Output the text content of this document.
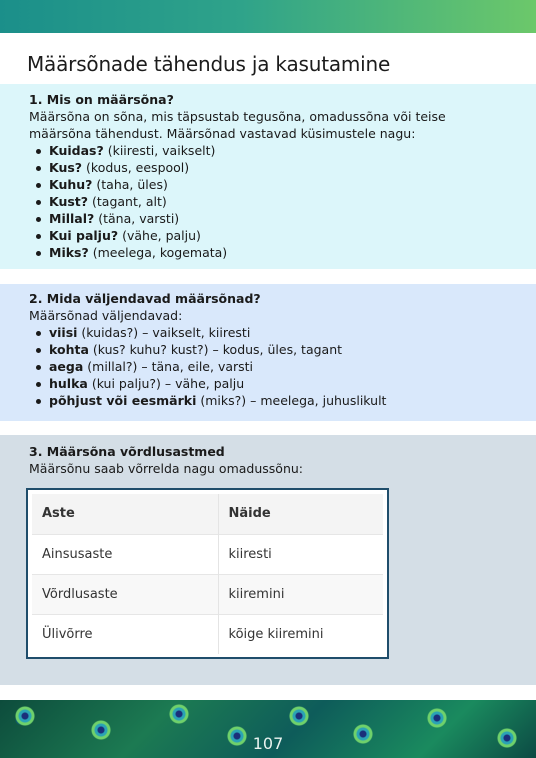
Määrsõnade tähendus ja kasutamine
1. Mis on määrsõna?
Määrsõna on sõna, mis täpsustab tegusõna, omadussõna või teise määrsõna tähendust. Määrsõnad vastavad küsimustele nagu:
Kuidas? (kiiresti, vaikselt)
Kus? (kodus, eespool)
Kuhu? (taha, üles)
Kust? (tagant, alt)
Millal? (täna, varsti)
Kui palju? (vähe, palju)
Miks? (meelega, kogemata)
2. Mida väljendavad määrsõnad?
Määrsõnad väljendavad:
viisi (kuidas?) – vaikselt, kiiresti
kohta (kus? kuhu? kust?) – kodus, üles, tagant
aega (millal?) – täna, eile, varsti
hulka (kui palju?) – vähe, palju
põhjust või eesmärki (miks?) – meelega, juhuslikult
3. Määrsõna võrdlusastmed
Määrsõnu saab võrrelda nagu omadussõnu:
Aste	Näide
Ainsusaste	kiiresti
Võrdlusaste	kiiremini
Ülivõrre	kõige kiiremini
107
